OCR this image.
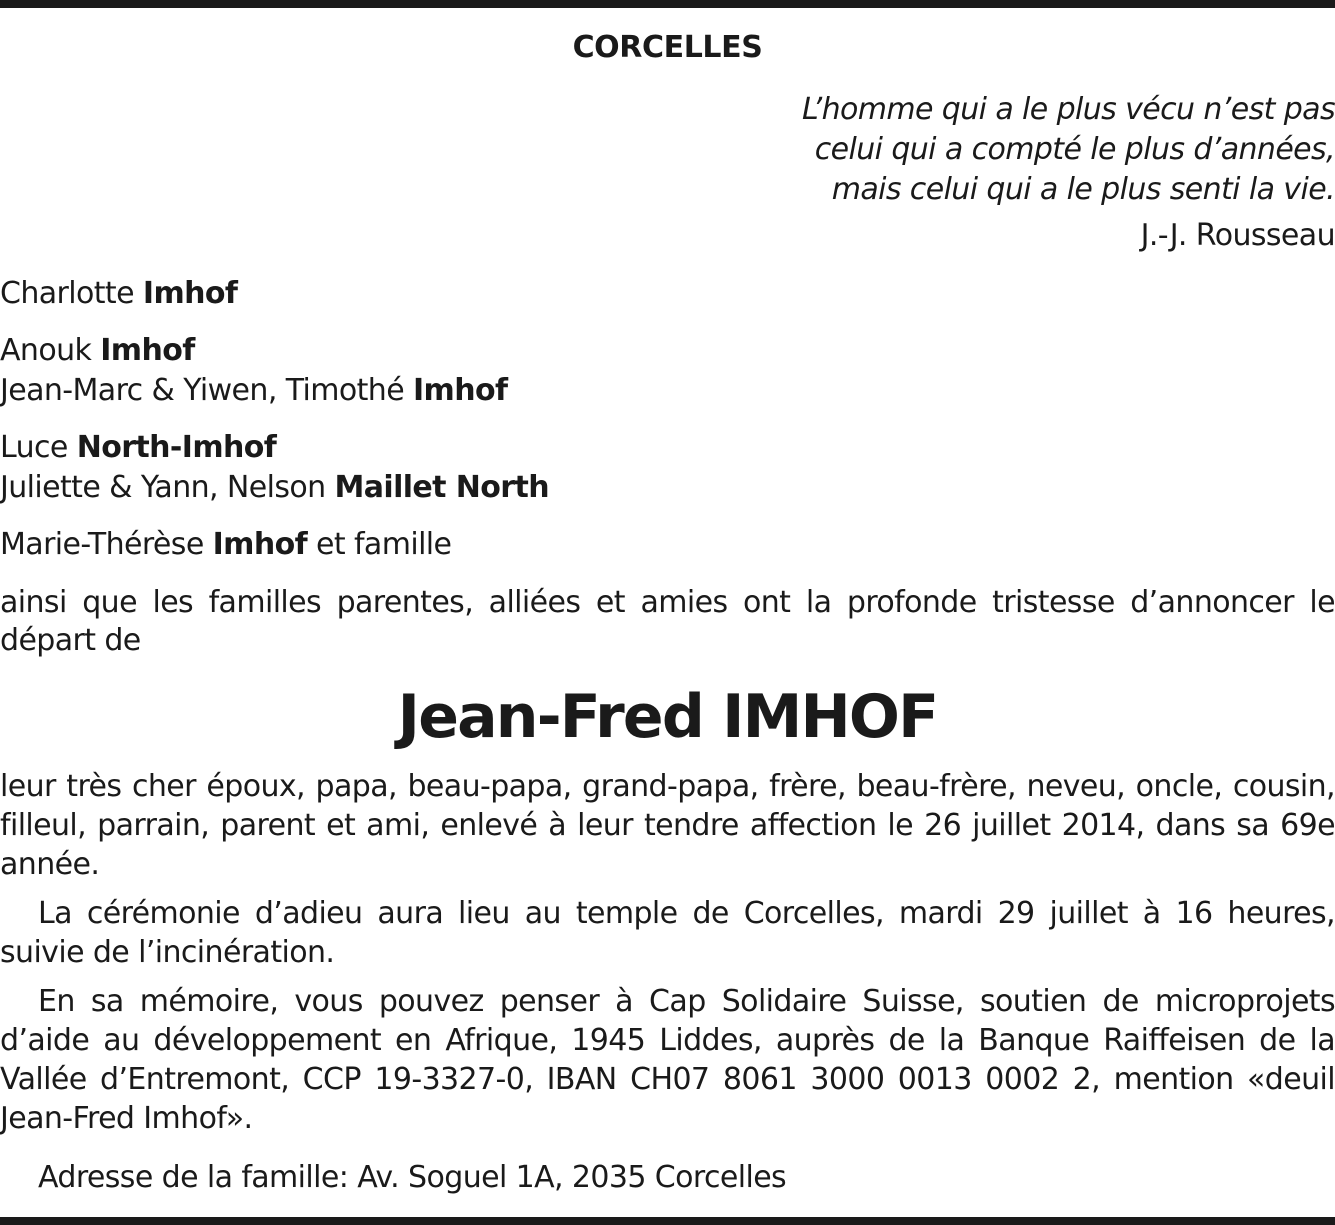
CORCELLES
L’homme qui a le plus vécu n’est pas
celui qui a compté le plus d’années,
mais celui qui a le plus senti la vie.
J.-J. Rousseau
Charlotte Imhof
Anouk Imhof
Jean-Marc & Yiwen, Timothé Imhof
Luce North-Imhof
Juliette & Yann, Nelson Maillet North
Marie-Thérèse Imhof et famille
ainsi que les familles parentes, alliées et amies ont la profonde tristesse d’annoncer le départ de
Jean-Fred IMHOF
leur très cher époux, papa, beau-papa, grand-papa, frère, beau-frère, neveu, oncle, cousin, filleul, parrain, parent et ami, enlevé à leur tendre affection le 26 juillet 2014, dans sa 69e année.
La cérémonie d’adieu aura lieu au temple de Corcelles, mardi 29 juillet à 16 heures, suivie de l’incinération.
En sa mémoire, vous pouvez penser à Cap Solidaire Suisse, soutien de microprojets d’aide au développement en Afrique, 1945 Liddes, auprès de la Banque Raiffeisen de la Vallée d’Entremont, CCP 19-3327-0, IBAN CH07 8061 3000 0013 0002 2, mention «deuil Jean-Fred Imhof».
Adresse de la famille: Av. Soguel 1A, 2035 Corcelles
